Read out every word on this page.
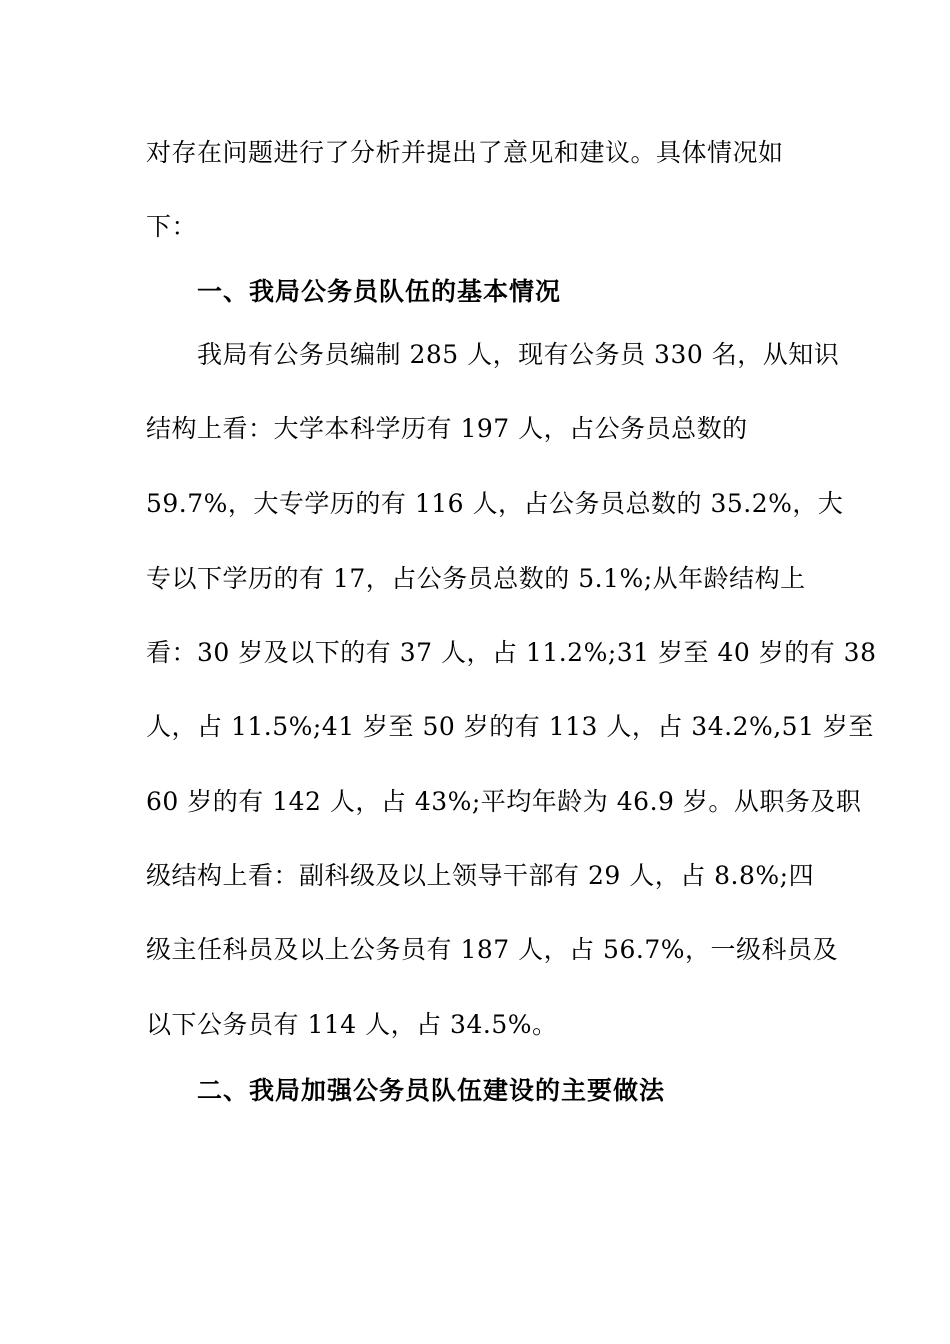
对存在问题进行了分析并提出了意见和建议。具体情况如
下：
一、我局公务员队伍的基本情况
我局有公务员编制 285 人，现有公务员 330 名，从知识
结构上看：大学本科学历有 197 人，占公务员总数的
59.7%，大专学历的有 116 人，占公务员总数的 35.2%，大
专以下学历的有 17，占公务员总数的 5.1%;从年龄结构上
看：30 岁及以下的有 37 人，占 11.2%;31 岁至 40 岁的有 38
人，占 11.5%;41 岁至 50 岁的有 113 人，占 34.2%,51 岁至
60 岁的有 142 人，占 43%;平均年龄为 46.9 岁。从职务及职
级结构上看：副科级及以上领导干部有 29 人，占 8.8%;四
级主任科员及以上公务员有 187 人，占 56.7%，一级科员及
以下公务员有 114 人，占 34.5%。
二、我局加强公务员队伍建设的主要做法
